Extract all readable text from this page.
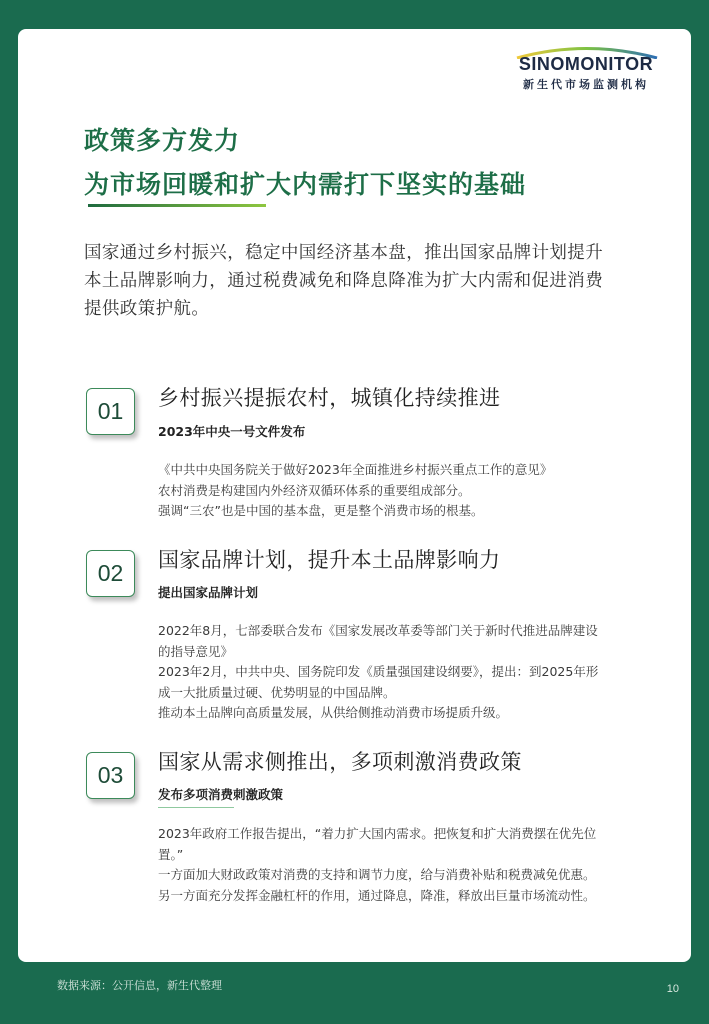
SINOMONITOR
新生代市场监测机构
政策多方发力
为市场回暖和扩大内需打下坚实的基础
国家通过乡村振兴，稳定中国经济基本盘，推出国家品牌计划提升
本土品牌影响力，通过税费减免和降息降准为扩大内需和促进消费
提供政策护航。
01	乡村振兴提振农村，城镇化持续推进
2023年中央一号文件发布
《中共中央国务院关于做好2023年全面推进乡村振兴重点工作的意见》
农村消费是构建国内外经济双循环体系的重要组成部分。
强调“三农”也是中国的基本盘，更是整个消费市场的根基。
02	国家品牌计划，提升本土品牌影响力
提出国家品牌计划
2022年8月，七部委联合发布《国家发展改革委等部门关于新时代推进品牌建设
的指导意见》
2023年2月，中共中央、国务院印发《质量强国建设纲要》，提出：到2025年形
成一大批质量过硬、优势明显的中国品牌。
推动本土品牌向高质量发展，从供给侧推动消费市场提质升级。
03	国家从需求侧推出，多项刺激消费政策
发布多项消费刺激政策
2023年政府工作报告提出，“着力扩大国内需求。把恢复和扩大消费摆在优先位
置。”
一方面加大财政政策对消费的支持和调节力度，给与消费补贴和税费减免优惠。
另一方面充分发挥金融杠杆的作用，通过降息，降准，释放出巨量市场流动性。
数据来源：公开信息，新生代整理	10
